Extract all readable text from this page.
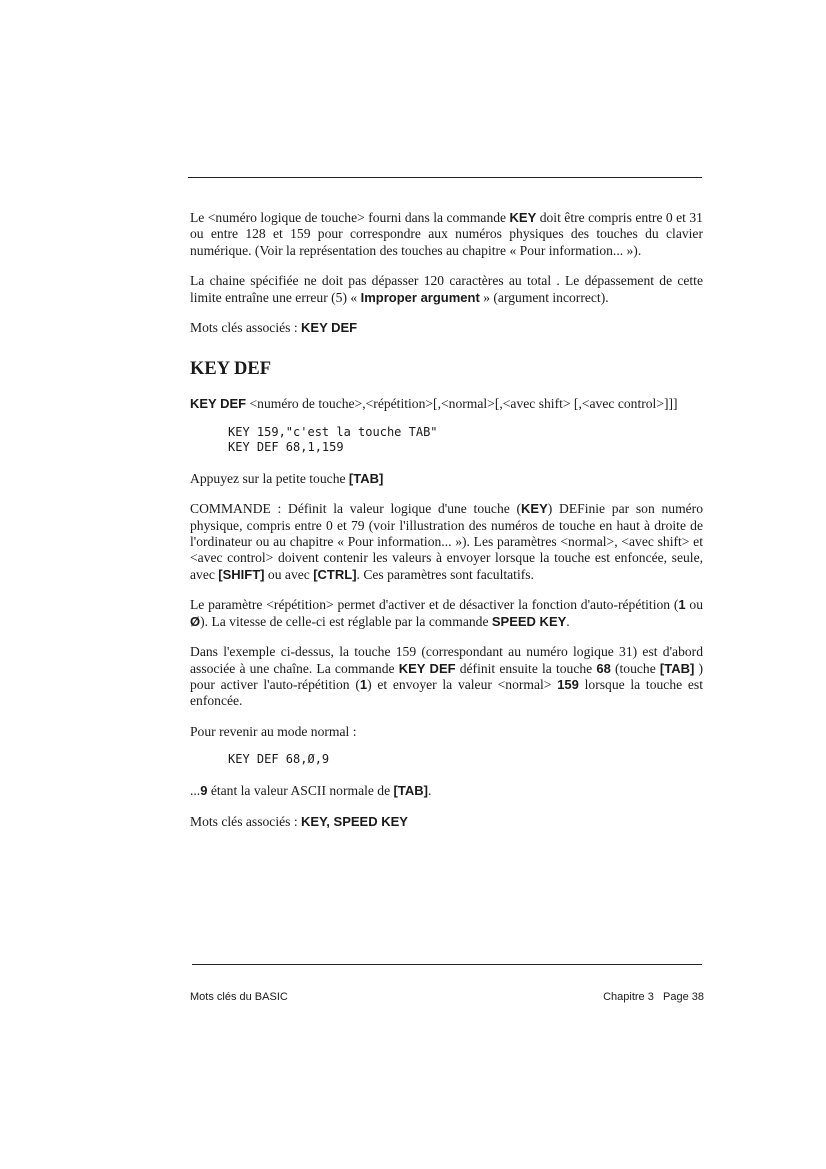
Le <numéro logique de touche> fourni dans la commande KEY doit être compris entre 0 et 31 ou entre 128 et 159 pour correspondre aux numéros physiques des touches du clavier numérique. (Voir la représentation des touches au chapitre « Pour information... »).

La chaine spécifiée ne doit pas dépasser 120 caractères au total . Le dépassement de cette limite entraîne une erreur (5) « Improper argument » (argument incorrect).

Mots clés associés : KEY DEF

KEY DEF

KEY DEF <numéro de touche>,<répétition>[,<normal>[,<avec shift> [,<avec control>]]]

KEY 159,"c'est la touche TAB"
KEY DEF 68,1,159

Appuyez sur la petite touche [TAB]

COMMANDE : Définit la valeur logique d'une touche (KEY) DEFinie par son numéro physique, compris entre 0 et 79 (voir l'illustration des numéros de touche en haut à droite de l'ordinateur ou au chapitre « Pour information... »). Les paramètres <normal>, <avec shift> et <avec control> doivent contenir les valeurs à envoyer lorsque la touche est enfoncée, seule, avec [SHIFT] ou avec [CTRL]. Ces paramètres sont facultatifs.

Le paramètre <répétition> permet d'activer et de désactiver la fonction d'auto-répétition (1 ou Ø). La vitesse de celle-ci est réglable par la commande SPEED KEY.

Dans l'exemple ci-dessus, la touche 159 (correspondant au numéro logique 31) est d'abord associée à une chaîne. La commande KEY DEF définit ensuite la touche 68 (touche [TAB] ) pour activer l'auto-répétition (1) et envoyer la valeur <normal> 159 lorsque la touche est enfoncée.

Pour revenir au mode normal :

KEY DEF 68,Ø,9

...9 étant la valeur ASCII normale de [TAB].

Mots clés associés : KEY, SPEED KEY

Mots clés du BASIC	Chapitre 3   Page 38
